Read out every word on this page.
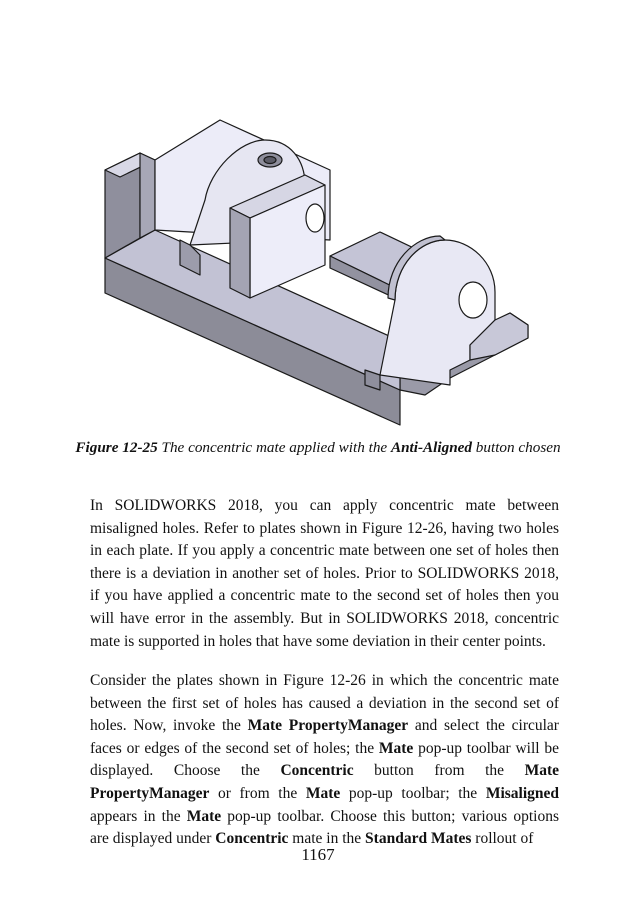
Figure 12-25 The concentric mate applied with the Anti-Aligned button chosen

In SOLIDWORKS 2018, you can apply concentric mate between misaligned holes. Refer to plates shown in Figure 12-26, having two holes in each plate. If you apply a concentric mate between one set of holes then there is a deviation in another set of holes. Prior to SOLIDWORKS 2018, if you have applied a concentric mate to the second set of holes then you will have error in the assembly. But in SOLIDWORKS 2018, concentric mate is supported in holes that have some deviation in their center points.

Consider the plates shown in Figure 12-26 in which the concentric mate between the first set of holes has caused a deviation in the second set of holes. Now, invoke the Mate PropertyManager and select the circular faces or edges of the second set of holes; the Mate pop-up toolbar will be displayed. Choose the Concentric button from the Mate PropertyManager or from the Mate pop-up toolbar; the Misaligned appears in the Mate pop-up toolbar. Choose this button; various options are displayed under Concentric mate in the Standard Mates rollout of

1167
